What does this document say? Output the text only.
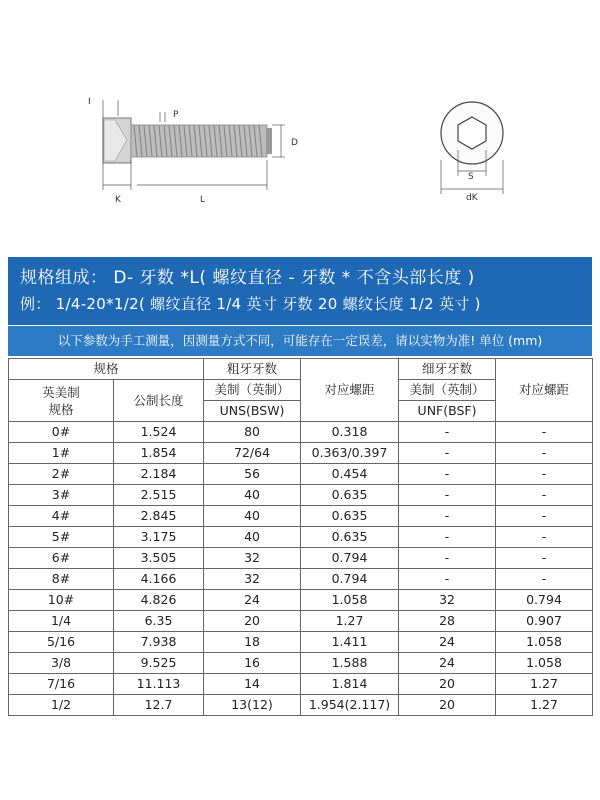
I
P
D
K	L
S
dK
规格组成： D- 牙数 *L( 螺纹直径 - 牙数 * 不含头部长度 )
例： 1/4-20*1/2( 螺纹直径 1/4 英寸 牙数 20 螺纹长度 1/2 英寸 )
以下参数为手工测量，因测量方式不同，可能存在一定误差，请以实物为准! 单位 (mm)
规格		粗牙牙数	对应螺距	细牙牙数	对应螺距
英美制
规格	公制长度	美制（英制）		美制（英制）	
		UNS(BSW)		UNF(BSF)	
0#	1.524	80	0.318	-	-
1#	1.854	72/64	0.363/0.397	-	-
2#	2.184	56	0.454	-	-
3#	2.515	40	0.635	-	-
4#	2.845	40	0.635	-	-
5#	3.175	40	0.635	-	-
6#	3.505	32	0.794	-	-
8#	4.166	32	0.794	-	-
10#	4.826	24	1.058	32	0.794
1/4	6.35	20	1.27	28	0.907
5/16	7.938	18	1.411	24	1.058
3/8	9.525	16	1.588	24	1.058
7/16	11.113	14	1.814	20	1.27
1/2	12.7	13(12)	1.954(2.117)	20	1.27
